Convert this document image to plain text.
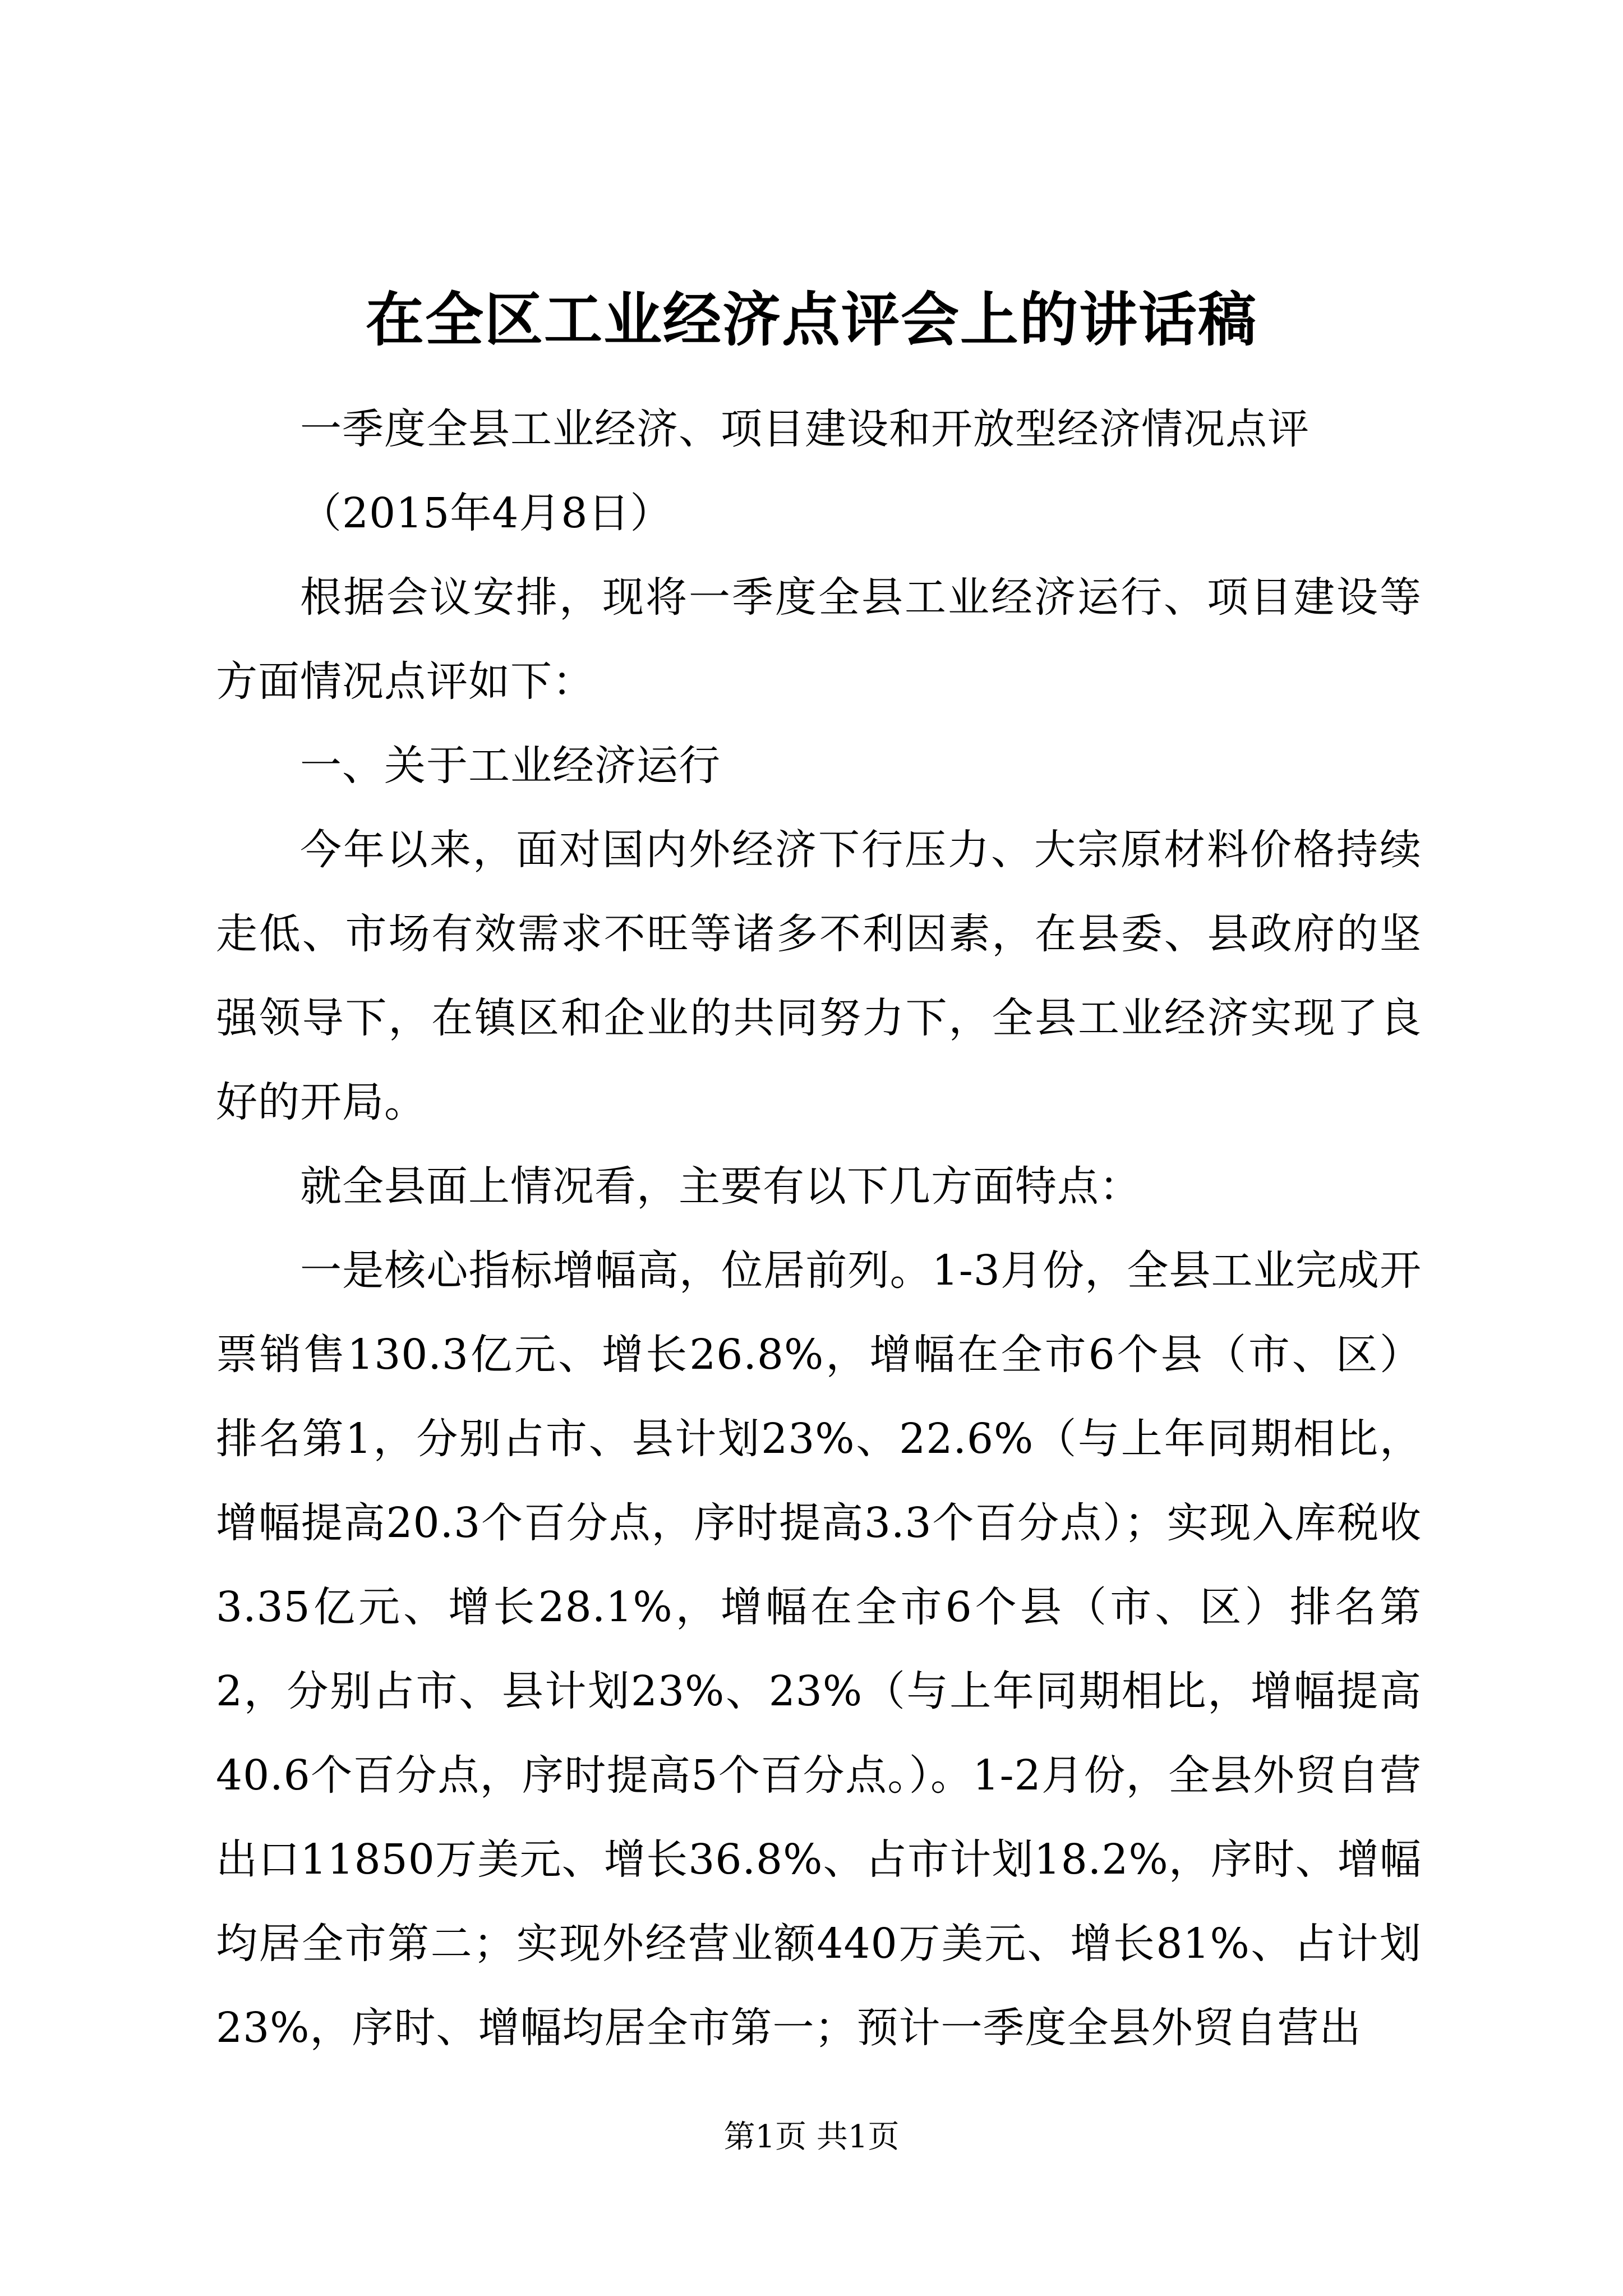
在全区工业经济点评会上的讲话稿

一季度全县工业经济、项目建设和开放型经济情况点评

（2015年4月8日）

根据会议安排，现将一季度全县工业经济运行、项目建设等方面情况点评如下：

一、关于工业经济运行

今年以来，面对国内外经济下行压力、大宗原材料价格持续走低、市场有效需求不旺等诸多不利因素，在县委、县政府的坚强领导下，在镇区和企业的共同努力下，全县工业经济实现了良好的开局。

就全县面上情况看，主要有以下几方面特点：

一是核心指标增幅高，位居前列。1-3月份，全县工业完成开票销售130.3亿元、增长26.8%，增幅在全市6个县（市、区）排名第1，分别占市、县计划23%、22.6%（与上年同期相比，增幅提高20.3个百分点，序时提高3.3个百分点）；实现入库税收3.35亿元、增长28.1%，增幅在全市6个县（市、区）排名第2，分别占市、县计划23%、23%（与上年同期相比，增幅提高40.6个百分点，序时提高5个百分点。）。1-2月份，全县外贸自营出口11850万美元、增长36.8%、占市计划18.2%，序时、增幅均居全市第二；实现外经营业额440万美元、增长81%、占计划23%，序时、增幅均居全市第一；预计一季度全县外贸自营出

第1页 共1页
